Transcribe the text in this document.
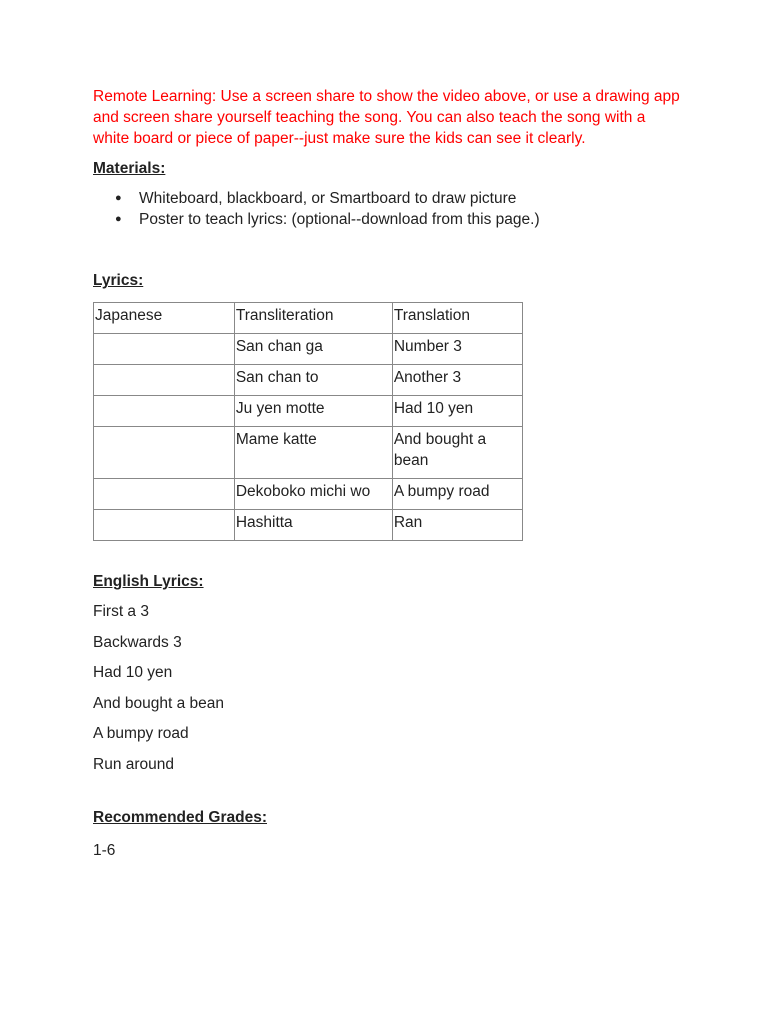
Remote Learning: Use a screen share to show the video above, or use a drawing app and screen share yourself teaching the song. You can also teach the song with a white board or piece of paper--just make sure the kids can see it clearly.

Materials:

● Whiteboard, blackboard, or Smartboard to draw picture
● Poster to teach lyrics: (optional--download from this page.)

Lyrics:

Japanese	Transliteration	Translation
	San chan ga	Number 3
	San chan to	Another 3
	Ju yen motte	Had 10 yen
	Mame katte	And bought a bean
	Dekoboko michi wo	A bumpy road
	Hashitta	Ran

English Lyrics:

First a 3
Backwards 3
Had 10 yen
And bought a bean
A bumpy road
Run around

Recommended Grades:

1-6
